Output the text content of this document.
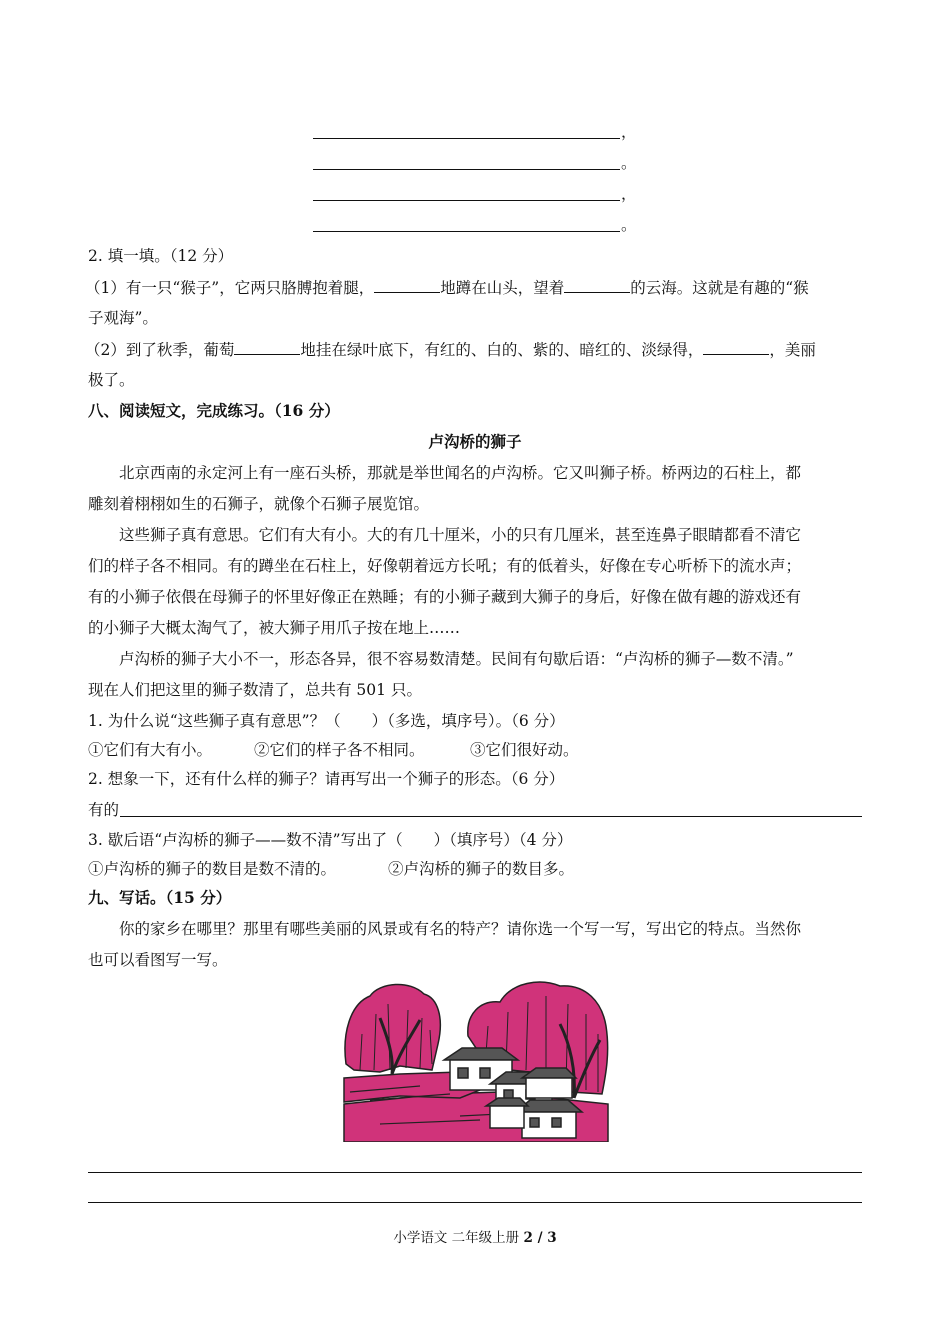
，
。
，
。
2. 填一填。（12 分）
（1）有一只“猴子”，它两只胳膊抱着腿，	地蹲在山头，望着	的云海。这就是有趣的“猴
子观海”。
（2）到了秋季，葡萄	地挂在绿叶底下，有红的、白的、紫的、暗红的、淡绿得，	，美丽
极了。
八、阅读短文，完成练习。（16 分）
卢沟桥的狮子
北京西南的永定河上有一座石头桥，那就是举世闻名的卢沟桥。它又叫狮子桥。桥两边的石柱上，都
雕刻着栩栩如生的石狮子，就像个石狮子展览馆。
这些狮子真有意思。它们有大有小。大的有几十厘米，小的只有几厘米，甚至连鼻子眼睛都看不清它
们的样子各不相同。有的蹲坐在石柱上，好像朝着远方长吼；有的低着头，好像在专心听桥下的流水声；
有的小狮子依偎在母狮子的怀里好像正在熟睡；有的小狮子藏到大狮子的身后，好像在做有趣的游戏还有
的小狮子大概太淘气了，被大狮子用爪子按在地上……
卢沟桥的狮子大小不一，形态各异，很不容易数清楚。民间有句歇后语：“卢沟桥的狮子—数不清。”
现在人们把这里的狮子数清了，总共有 501 只。
1. 为什么说“这些狮子真有意思”？（　　）（多选，填序号）。（6 分）
①它们有大有小。	②它们的样子各不相同。	③它们很好动。
2. 想象一下，还有什么样的狮子？请再写出一个狮子的形态。（6 分）
有的
3. 歇后语“卢沟桥的狮子——数不清”写出了（　　）（填序号）（4 分）
①卢沟桥的狮子的数目是数不清的。	②卢沟桥的狮子的数目多。
九、写话。（15 分）
你的家乡在哪里？那里有哪些美丽的风景或有名的特产？请你选一个写一写，写出它的特点。当然你
也可以看图写一写。
小学语文 二年级上册 2 / 3
